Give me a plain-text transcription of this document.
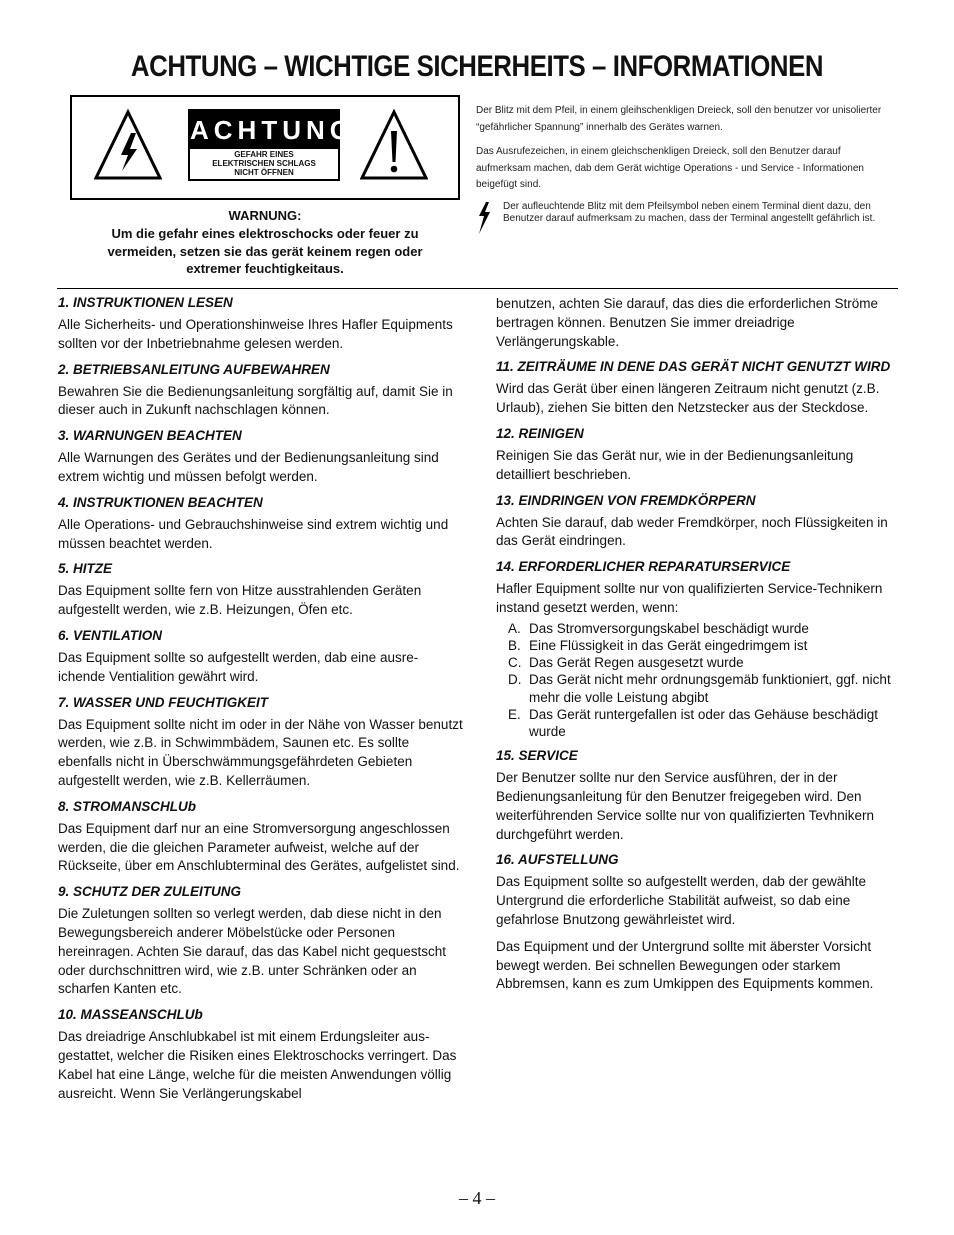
ACHTUNG – WICHTIGE SICHERHEITS – INFORMATIONEN
ACHTUNG
GEFAHR EINES
ELEKTRISCHEN SCHLAGS
NICHT ÖFFNEN
WARNUNG:
Um die gefahr eines elektroschocks oder feuer zu vermeiden, setzen sie das gerät keinem regen oder extremer feuchtigkeitaus.
Der Blitz mit dem Pfeil, in einem gleihschenkligen Dreieck, soll den benutzer vor unisolierter “gefährlicher Spannung” innerhalb des Gerätes warnen.
Das Ausrufezeichen, in einem gleichschenkligen Dreieck, soll den Benutzer darauf aufmerksam machen, dab dem Gerät wichtige Operations - und Service - Informationen beigefügt sind.
Der aufleuchtende Blitz mit dem Pfeilsymbol neben einem Terminal dient dazu, den Benutzer darauf aufmerksam zu machen, dass der Terminal angestellt gefährlich ist.
1. INSTRUKTIONEN LESEN
Alle Sicherheits- und Operationshinweise Ihres Hafler Equipments sollten vor der Inbetriebnahme gelesen werden.
2. BETRIEBSANLEITUNG AUFBEWAHREN
Bewahren Sie die Bedienungsanleitung sorgfältig auf, damit Sie in dieser auch in Zukunft nachschlagen können.
3. WARNUNGEN BEACHTEN
Alle Warnungen des Gerätes und der Bedienungsanleitung sind extrem wichtig und müssen befolgt werden.
4. INSTRUKTIONEN BEACHTEN
Alle Operations- und Gebrauchshinweise sind extrem wichtig und müssen beachtet werden.
5. HITZE
Das Equipment sollte fern von Hitze ausstrahlenden Geräten aufgestellt werden, wie z.B. Heizungen, Öfen etc.
6. VENTILATION
Das Equipment sollte so aufgestellt werden, dab eine ausre-ichende Ventialition gewährt wird.
7. WASSER UND FEUCHTIGKEIT
Das Equipment sollte nicht im oder in der Nähe von Wasser benutzt werden, wie z.B. in Schwimmbädem, Saunen etc. Es sollte ebenfalls nicht in Überschwämmungsgefährdeten Gebieten aufgestellt werden, wie z.B. Kellerräumen.
8. STROMANSCHLUb
Das Equipment darf nur an eine Stromversorgung angeschlossen werden, die die gleichen Parameter aufweist, welche auf der Rückseite, über em Anschlubterminal des Gerätes, aufgelistet sind.
9. SCHUTZ DER ZULEITUNG
Die Zuletungen sollten so verlegt werden, dab diese nicht in den Bewegungsbereich anderer Möbelstücke oder Personen hereinragen. Achten Sie darauf, das das Kabel nicht gequestscht oder durchschnittren wird, wie z.B. unter Schränken oder an scharfen Kanten etc.
10. MASSEANSCHLUb
Das dreiadrige Anschlubkabel ist mit einem Erdungsleiter aus-gestattet, welcher die Risiken eines Elektroschocks verringert. Das Kabel hat eine Länge, welche für die meisten Anwendungen völlig ausreicht. Wenn Sie Verlängerungskabel
benutzen, achten Sie darauf, das dies die erforderlichen Ströme bertragen können. Benutzen Sie immer dreiadrige Verlängerungskable.
11. ZEITRÄUME IN DENE DAS GERÄT NICHT GENUTZT WIRD
Wird das Gerät über einen längeren Zeitraum nicht genutzt (z.B. Urlaub), ziehen Sie bitten den Netzstecker aus der Steckdose.
12. REINIGEN
Reinigen Sie das Gerät nur, wie in der Bedienungsanleitung detailliert beschrieben.
13. EINDRINGEN VON FREMDKÖRPERN
Achten Sie darauf, dab weder Fremdkörper, noch Flüssigkeiten in das Gerät eindringen.
14. ERFORDERLICHER REPARATURSERVICE
Hafler Equipment sollte nur von qualifizierten Service-Technikern instand gesetzt werden, wenn:
A. Das Stromversorgungskabel beschädigt wurde
B. Eine Flüssigkeit in das Gerät eingedrimgem ist
C. Das Gerät Regen ausgesetzt wurde
D. Das Gerät nicht mehr ordnungsgemäb funktioniert, ggf. nicht mehr die volle Leistung abgibt
E. Das Gerät runtergefallen ist oder das Gehäuse beschädigt wurde
15. SERVICE
Der Benutzer sollte nur den Service ausführen, der in der Bedienungsanleitung für den Benutzer freigegeben wird. Den weiterführenden Service sollte nur von qualifizierten Tevhnikern durchgeführt werden.
16. AUFSTELLUNG
Das Equipment sollte so aufgestellt werden, dab der gewählte Untergrund die erforderliche Stabilität aufweist, so dab eine gefahrlose Bnutzong gewährleistet wird.
Das Equipment und der Untergrund sollte mit äberster Vorsicht bewegt werden. Bei schnellen Bewegungen oder starkem Abbremsen, kann es zum Umkippen des Equipments kommen.
– 4 –
